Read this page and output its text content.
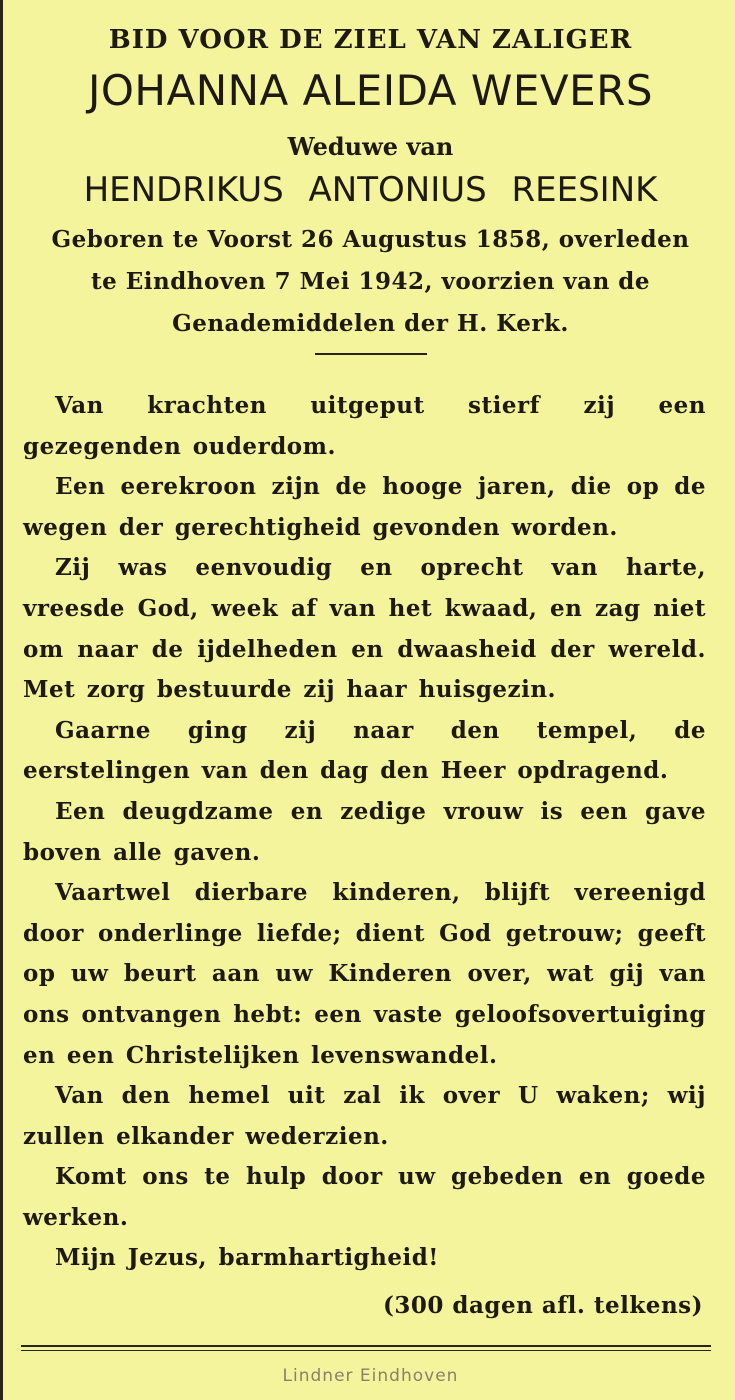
BID VOOR DE ZIEL VAN ZALIGER
JOHANNA ALEIDA WEVERS
Weduwe van
HENDRIKUS ANTONIUS REESINK
Geboren te Voorst 26 Augustus 1858, overleden
te Eindhoven 7 Mei 1942, voorzien van de
Genademiddelen der H. Kerk.

Van krachten uitgeput stierf zij een gezegenden ouderdom.

Een eerekroon zijn de hooge jaren, die op de wegen der gerechtigheid gevonden worden.

Zij was eenvoudig en oprecht van harte, vreesde God, week af van het kwaad, en zag niet om naar de ijdelheden en dwaasheid der wereld. Met zorg bestuurde zij haar huisgezin.

Gaarne ging zij naar den tempel, de eerstelingen van den dag den Heer opdragend.

Een deugdzame en zedige vrouw is een gave boven alle gaven.

Vaartwel dierbare kinderen, blijft vereenigd door onderlinge liefde; dient God getrouw; geeft op uw beurt aan uw Kinderen over, wat gij van ons ontvangen hebt: een vaste geloofsovertuiging en een Christelijken levenswandel.

Van den hemel uit zal ik over U waken; wij zullen elkander wederzien.

Komt ons te hulp door uw gebeden en goede werken.

Mijn Jezus, barmhartigheid!

(300 dagen afl. telkens)
Lindner Eindhoven
